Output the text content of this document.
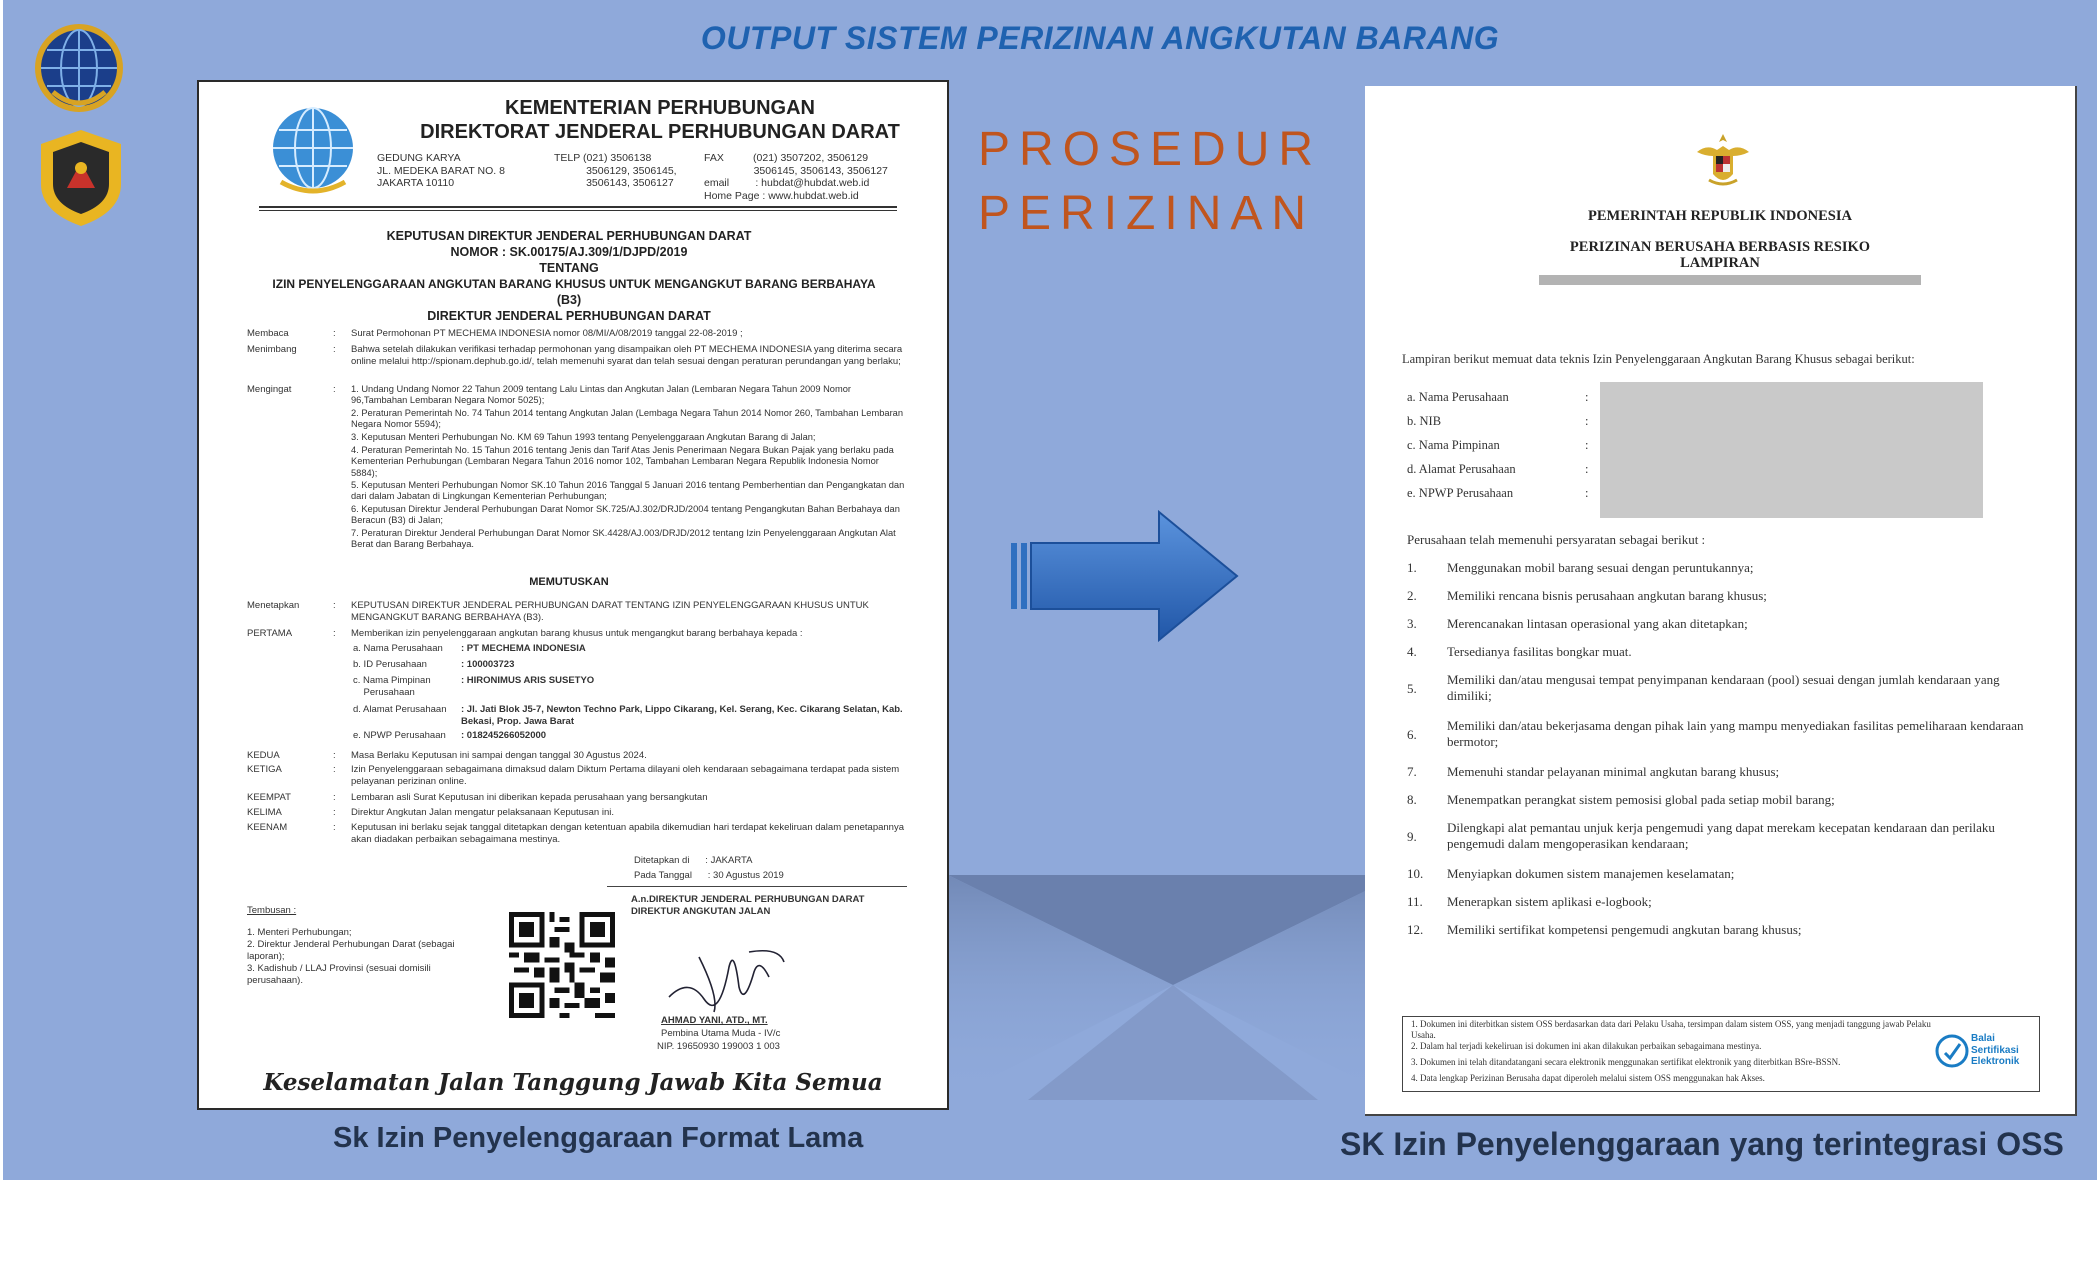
OUTPUT SISTEM PERIZINAN ANGKUTAN BARANG
PROSEDUR
PERIZINAN
KEMENTERIAN PERHUBUNGAN
DIREKTORAT JENDERAL PERHUBUNGAN DARAT
GEDUNG KARYA
JL. MEDEKA BARAT NO. 8
JAKARTA 10110
TELP (021) 3506138
3506129, 3506145,
3506143, 3506127
FAX          (021) 3507202, 3506129
3506145, 3506143, 3506127
email         : hubdat@hubdat.web.id
Home Page : www.hubdat.web.id
KEPUTUSAN DIREKTUR JENDERAL PERHUBUNGAN DARAT
NOMOR : SK.00175/AJ.309/1/DJPD/2019
TENTANG
IZIN PENYELENGGARAAN ANGKUTAN BARANG KHUSUS UNTUK MENGANGKUT BARANG BERBAHAYA
(B3)
DIREKTUR JENDERAL PERHUBUNGAN DARAT
Membaca	: Surat Permohonan PT MECHEMA INDONESIA nomor 08/MI/A/08/2019 tanggal 22-08-2019 ;
Menimbang	: Bahwa setelah dilakukan verifikasi terhadap permohonan yang disampaikan oleh PT MECHEMA INDONESIA yang diterima secara online melalui http://spionam.dephub.go.id/, telah memenuhi syarat dan telah sesuai dengan peraturan perundangan yang berlaku;
Mengingat	: 1. Undang Undang Nomor 22 Tahun 2009 tentang Lalu Lintas dan Angkutan Jalan (Lembaran Negara Tahun 2009 Nomor 96,Tambahan Lembaran Negara Nomor 5025);
2. Peraturan Pemerintah No. 74 Tahun 2014 tentang Angkutan Jalan (Lembaga Negara Tahun 2014 Nomor 260, Tambahan Lembaran Negara Nomor 5594);
3. Keputusan Menteri Perhubungan No. KM 69 Tahun 1993 tentang Penyelenggaraan Angkutan Barang di Jalan;
4. Peraturan Pemerintah No. 15 Tahun 2016 tentang Jenis dan Tarif Atas Jenis Penerimaan Negara Bukan Pajak yang berlaku pada Kementerian Perhubungan (Lembaran Negara Tahun 2016 nomor 102, Tambahan Lembaran Negara Republik Indonesia Nomor 5884);
5. Keputusan Menteri Perhubungan Nomor SK.10 Tahun 2016 Tanggal 5 Januari 2016 tentang Pemberhentian dan Pengangkatan dan dari dalam Jabatan di Lingkungan Kementerian Perhubungan;
6. Keputusan Direktur Jenderal Perhubungan Darat Nomor SK.725/AJ.302/DRJD/2004 tentang Pengangkutan Bahan Berbahaya dan Beracun (B3) di Jalan;
7. Peraturan Direktur Jenderal Perhubungan Darat Nomor SK.4428/AJ.003/DRJD/2012 tentang Izin Penyelenggaraan Angkutan Alat Berat dan Barang Berbahaya.
MEMUTUSKAN
Menetapkan	: KEPUTUSAN DIREKTUR JENDERAL PERHUBUNGAN DARAT TENTANG IZIN PENYELENGGARAAN KHUSUS UNTUK MENGANGKUT BARANG BERBAHAYA (B3).
PERTAMA	: Memberikan izin penyelenggaraan angkutan barang khusus untuk mengangkut barang berbahaya kepada :
a. Nama Perusahaan : PT MECHEMA INDONESIA
b. ID Perusahaan	: 100003723
c. Nama Pimpinan
Perusahaan
: HIRONIMUS ARIS SUSETYO
d. Alamat Perusahaan : Jl. Jati Blok J5-7, Newton Techno Park, Lippo Cikarang, Kel. Serang, Kec. Cikarang Selatan, Kab. Bekasi, Prop. Jawa Barat
e. NPWP Perusahaan : 018245266052000
KEDUA	: Masa Berlaku Keputusan ini sampai dengan tanggal 30 Agustus 2024.
KETIGA	: Izin Penyelenggaraan sebagaimana dimaksud dalam Diktum Pertama dilayani oleh kendaraan sebagaimana terdapat pada sistem pelayanan perizinan online.
KEEMPAT	: Lembaran asli Surat Keputusan ini diberikan kepada perusahaan yang bersangkutan
KELIMA	: Direktur Angkutan Jalan mengatur pelaksanaan Keputusan ini.
KEENAM	: Keputusan ini berlaku sejak tanggal ditetapkan dengan ketentuan apabila dikemudian hari terdapat kekeliruan dalam penetapannya akan diadakan perbaikan sebagaimana mestinya.
Ditetapkan di      : JAKARTA
Pada Tanggal      : 30 Agustus 2019
Tembusan :
1. Menteri Perhubungan;
2. Direktur Jenderal Perhubungan Darat (sebagai laporan);
3. Kadishub / LLAJ Provinsi (sesuai domisili perusahaan).
A.n.DIREKTUR JENDERAL PERHUBUNGAN DARAT
DIREKTUR ANGKUTAN JALAN
AHMAD YANI, ATD., MT.
Pembina Utama Muda - IV/c
NIP. 19650930 199003 1 003
Keselamatan Jalan Tanggung Jawab Kita Semua
PEMERINTAH REPUBLIK INDONESIA
PERIZINAN BERUSAHA BERBASIS RESIKO
LAMPIRAN
Lampiran berikut memuat data teknis Izin Penyelenggaraan Angkutan Barang Khusus sebagai berikut:
a. Nama Perusahaan	:
b. NIB	:
c. Nama Pimpinan	:
d. Alamat Perusahaan	:
e. NPWP Perusahaan	:
Perusahaan telah memenuhi persyaratan sebagai berikut :
1.	Menggunakan mobil barang sesuai dengan peruntukannya;
2.	Memiliki rencana bisnis perusahaan angkutan barang khusus;
3.	Merencanakan lintasan operasional yang akan ditetapkan;
4.	Tersedianya fasilitas bongkar muat.
5.
Memiliki dan/atau mengusai tempat penyimpanan kendaraan (pool) sesuai dengan jumlah kendaraan yang dimiliki;
6.
Memiliki dan/atau bekerjasama dengan pihak lain yang mampu menyediakan fasilitas pemeliharaan kendaraan bermotor;
7.	Memenuhi standar pelayanan minimal angkutan barang khusus;
8.	Menempatkan perangkat sistem pemosisi global pada setiap mobil barang;
9.
Dilengkapi alat pemantau unjuk kerja pengemudi yang dapat merekam kecepatan kendaraan dan perilaku pengemudi dalam mengoperasikan kendaraan;
10.	Menyiapkan dokumen sistem manajemen keselamatan;
11.	Menerapkan sistem aplikasi e-logbook;
12.	Memiliki sertifikat kompetensi pengemudi angkutan barang khusus;
1. Dokumen ini diterbitkan sistem OSS berdasarkan data dari Pelaku Usaha, tersimpan dalam sistem OSS, yang menjadi tanggung jawab Pelaku Usaha.
2. Dalam hal terjadi kekeliruan isi dokumen ini akan dilakukan perbaikan sebagaimana mestinya.
3. Dokumen ini telah ditandatangani secara elektronik menggunakan sertifikat elektronik yang diterbitkan BSre-BSSN.
4. Data lengkap Perizinan Berusaha dapat diperoleh melalui sistem OSS menggunakan hak Akses.
Balai
Sertifikasi
Elektronik
Sk Izin Penyelenggaraan Format Lama	SK Izin Penyelenggaraan yang terintegrasi OSS
